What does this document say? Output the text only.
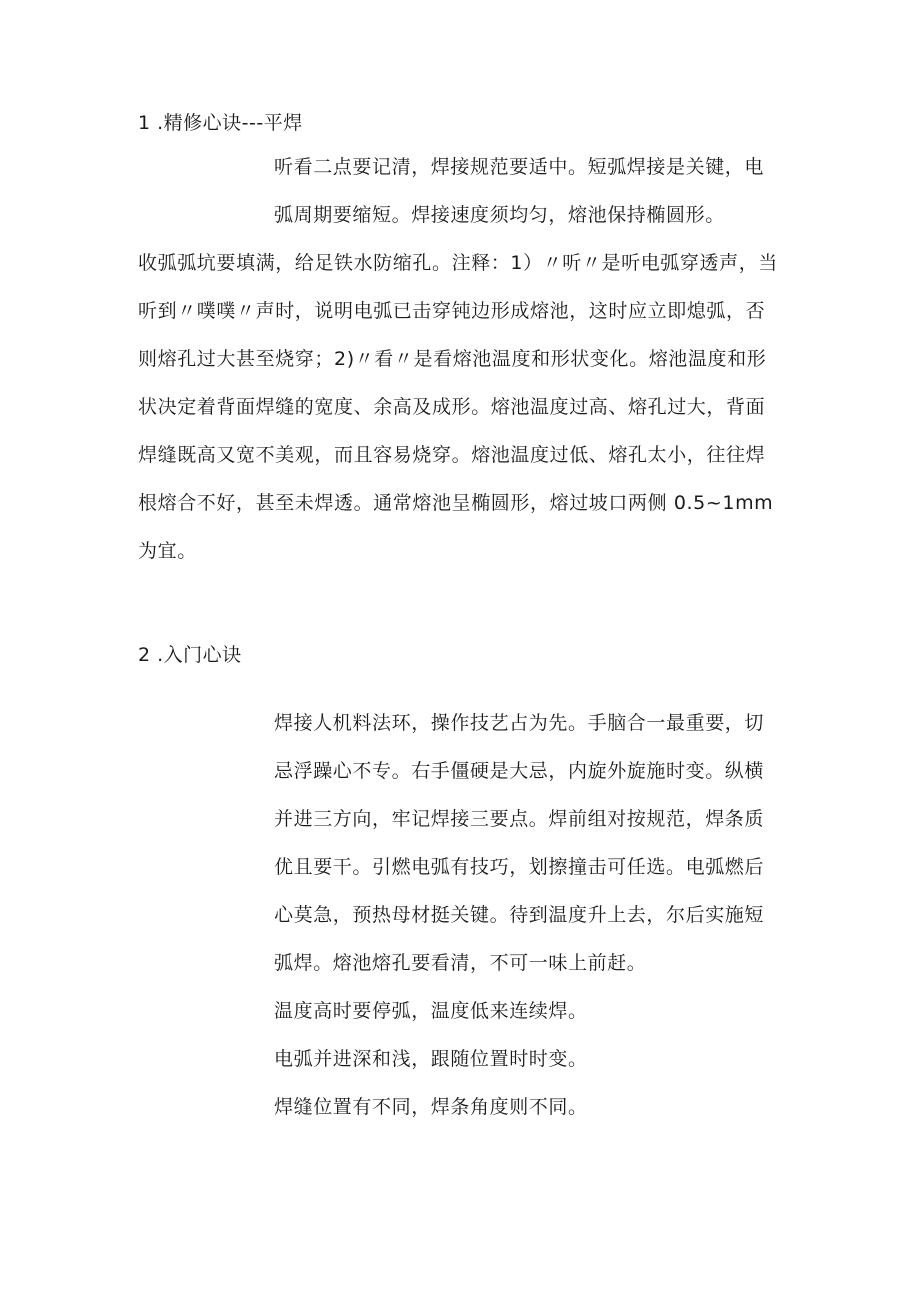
1 .精修心诀---平焊
听看二点要记清，焊接规范要适中。短弧焊接是关键，电
弧周期要缩短。焊接速度须均匀，熔池保持椭圆形。
收弧弧坑要填满，给足铁水防缩孔。注释：1）〃听〃是听电弧穿透声，当
听到〃噗噗〃声时，说明电弧已击穿钝边形成熔池，这时应立即熄弧，否
则熔孔过大甚至烧穿；2)〃看〃是看熔池温度和形状变化。熔池温度和形
状决定着背面焊缝的宽度、余高及成形。熔池温度过高、熔孔过大，背面
焊缝既高又宽不美观，而且容易烧穿。熔池温度过低、熔孔太小，往往焊
根熔合不好，甚至未焊透。通常熔池呈椭圆形，熔过坡口两侧 0.5~1mm
为宜。
2 .入门心诀
焊接人机料法环，操作技艺占为先。手脑合一最重要，切
忌浮躁心不专。右手僵硬是大忌，内旋外旋施时变。纵横
并进三方向，牢记焊接三要点。焊前组对按规范，焊条质
优且要干。引燃电弧有技巧，划擦撞击可任选。电弧燃后
心莫急，预热母材挺关键。待到温度升上去，尔后实施短
弧焊。熔池熔孔要看清，不可一味上前赶。
温度高时要停弧，温度低来连续焊。
电弧并进深和浅，跟随位置时时变。
焊缝位置有不同，焊条角度则不同。
